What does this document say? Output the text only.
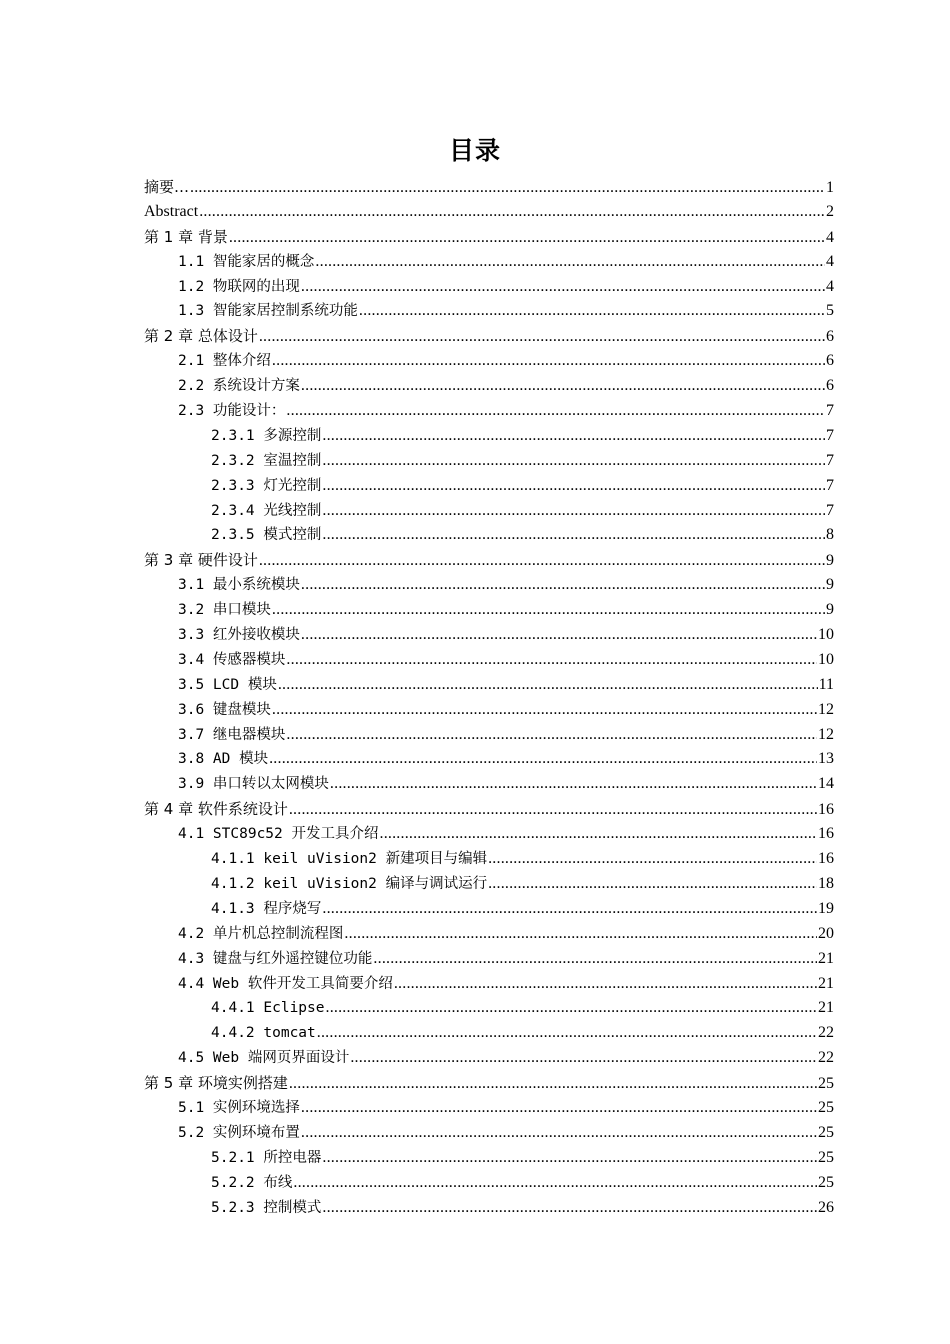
目录
摘要… .....	1
Abstract .....	2
第 1 章 背景 .....	4
1.1 智能家居的概念 .....	4
1.2 物联网的出现 .....	4
1.3 智能家居控制系统功能 .....	5
第 2 章 总体设计 .....	6
2.1 整体介绍 .....	6
2.2 系统设计方案 .....	6
2.3 功能设计： .....	7
2.3.1 多源控制 .....	7
2.3.2 室温控制 .....	7
2.3.3 灯光控制 .....	7
2.3.4 光线控制 .....	7
2.3.5 模式控制 .....	8
第 3 章 硬件设计 .....	9
3.1 最小系统模块 .....	9
3.2 串口模块 .....	9
3.3 红外接收模块 .....	10
3.4 传感器模块 .....	10
3.5 LCD 模块 .....	11
3.6 键盘模块 .....	12
3.7 继电器模块 .....	12
3.8 AD 模块 .....	13
3.9 串口转以太网模块 .....	14
第 4 章 软件系统设计 .....	16
4.1 STC89c52 开发工具介绍 .....	16
4.1.1 keil uVision2 新建项目与编辑 .....	16
4.1.2 keil uVision2 编译与调试运行 .....	18
4.1.3 程序烧写 .....	19
4.2 单片机总控制流程图 .....	20
4.3 键盘与红外遥控键位功能 .....	21
4.4 Web 软件开发工具简要介绍 .....	21
4.4.1 Eclipse .....	21
4.4.2 tomcat .....	22
4.5 Web 端网页界面设计 .....	22
第 5 章 环境实例搭建 .....	25
5.1 实例环境选择 .....	25
5.2 实例环境布置 .....	25
5.2.1 所控电器 .....	25
5.2.2 布线 .....	25
5.2.3 控制模式 .....	26
